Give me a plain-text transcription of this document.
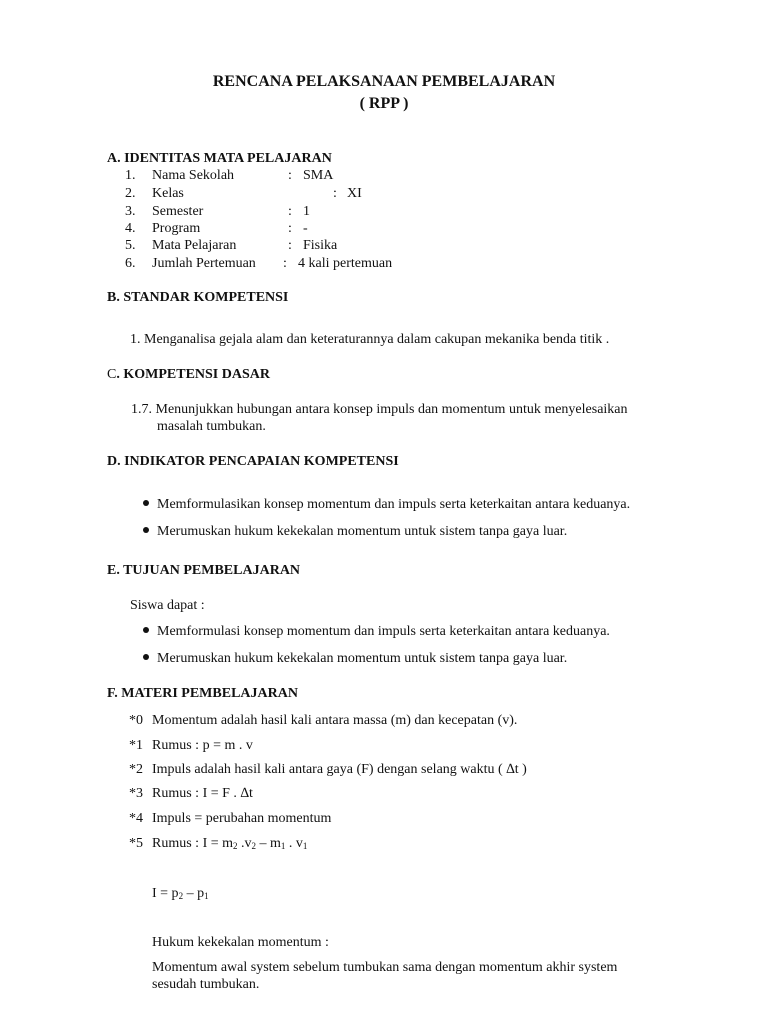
RENCANA PELAKSANAAN PEMBELAJARAN
( RPP )
A. IDENTITAS MATA PELAJARAN
1. Nama Sekolah	: SMA
2. Kelas	: XI
3. Semester	: 1
4. Program	: -
5. Mata Pelajaran	: Fisika
6. Jumlah Pertemuan : 4 kali pertemuan
B. STANDAR KOMPETENSI
1. Menganalisa gejala alam dan keteraturannya dalam cakupan mekanika benda titik .
C. KOMPETENSI DASAR
1.7. Menunjukkan hubungan antara konsep impuls dan momentum untuk menyelesaikan
masalah tumbukan.
D. INDIKATOR PENCAPAIAN KOMPETENSI
Memformulasikan konsep momentum dan impuls serta keterkaitan antara keduanya.
Merumuskan hukum kekekalan momentum untuk sistem tanpa gaya luar.
E. TUJUAN PEMBELAJARAN
Siswa dapat :
Memformulasi konsep momentum dan impuls serta keterkaitan antara keduanya.
Merumuskan hukum kekekalan momentum untuk sistem tanpa gaya luar.
F. MATERI PEMBELAJARAN
*0 Momentum adalah hasil kali antara massa (m) dan kecepatan (v).
*1 Rumus : p = m . v
*2 Impuls adalah hasil kali antara gaya (F) dengan selang waktu ( ∆t )
*3 Rumus : I = F . ∆t
*4 Impuls = perubahan momentum
*5 Rumus : $I = m_2$ $.v_2 - m_1$ . $v_1$
$I = p_2 - p_1$
Hukum kekekalan momentum :
Momentum awal system sebelum tumbukan sama dengan momentum akhir system
sesudah tumbukan.
